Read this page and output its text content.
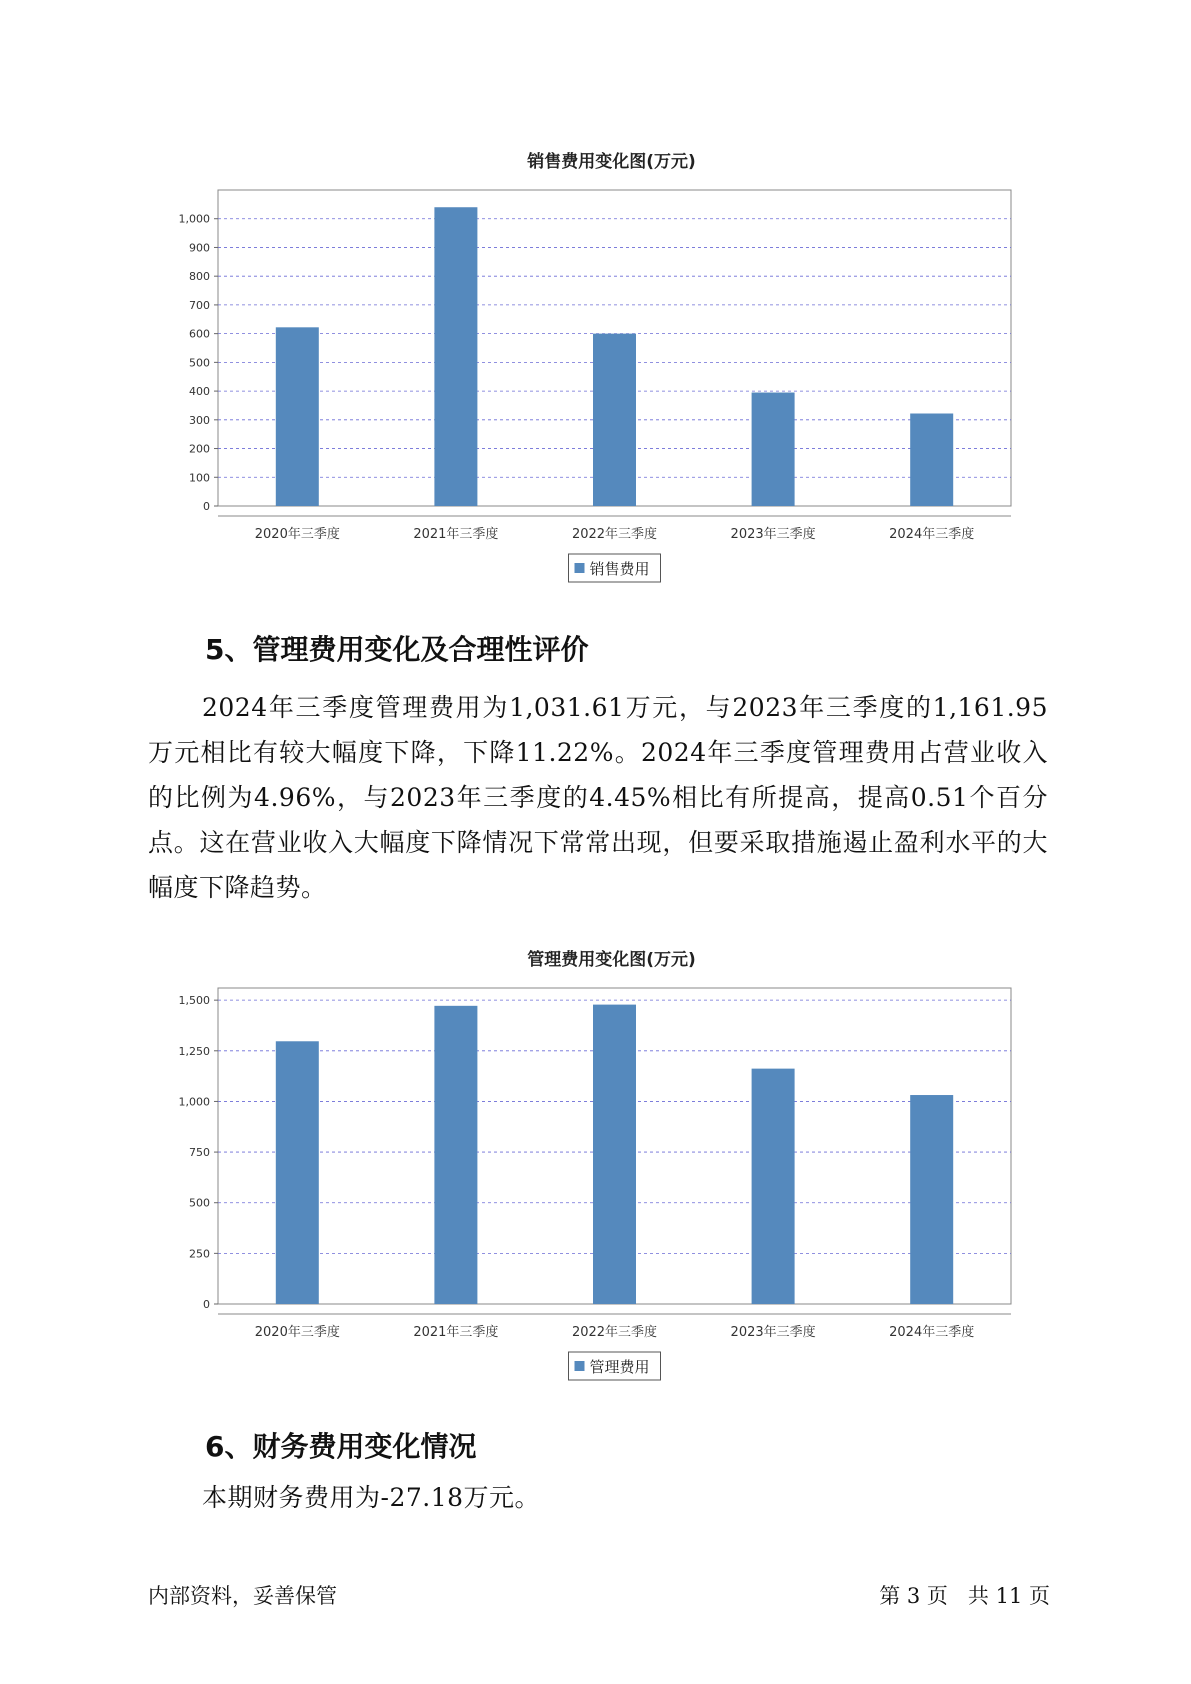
销售费用变化图(万元)
0
100
200
300
400
500
600
700
800
900
1,000
2020年三季度	2021年三季度	2022年三季度	2023年三季度	2024年三季度
销售费用
5、管理费用变化及合理性评价

2024年三季度管理费用为1,031.61万元，与2023年三季度的1,161.95万元相比有较大幅度下降，下降11.22%。2024年三季度管理费用占营业收入的比例为4.96%，与2023年三季度的4.45%相比有所提高，提高0.51个百分点。这在营业收入大幅度下降情况下常常出现，但要采取措施遏止盈利水平的大幅度下降趋势。

管理费用变化图(万元)
0
250
500
750
1,000
1,250
1,500
2020年三季度	2021年三季度	2022年三季度	2023年三季度	2024年三季度
管理费用
6、财务费用变化情况

本期财务费用为-27.18万元。

内部资料，妥善保管	第 3 页   共 11 页
